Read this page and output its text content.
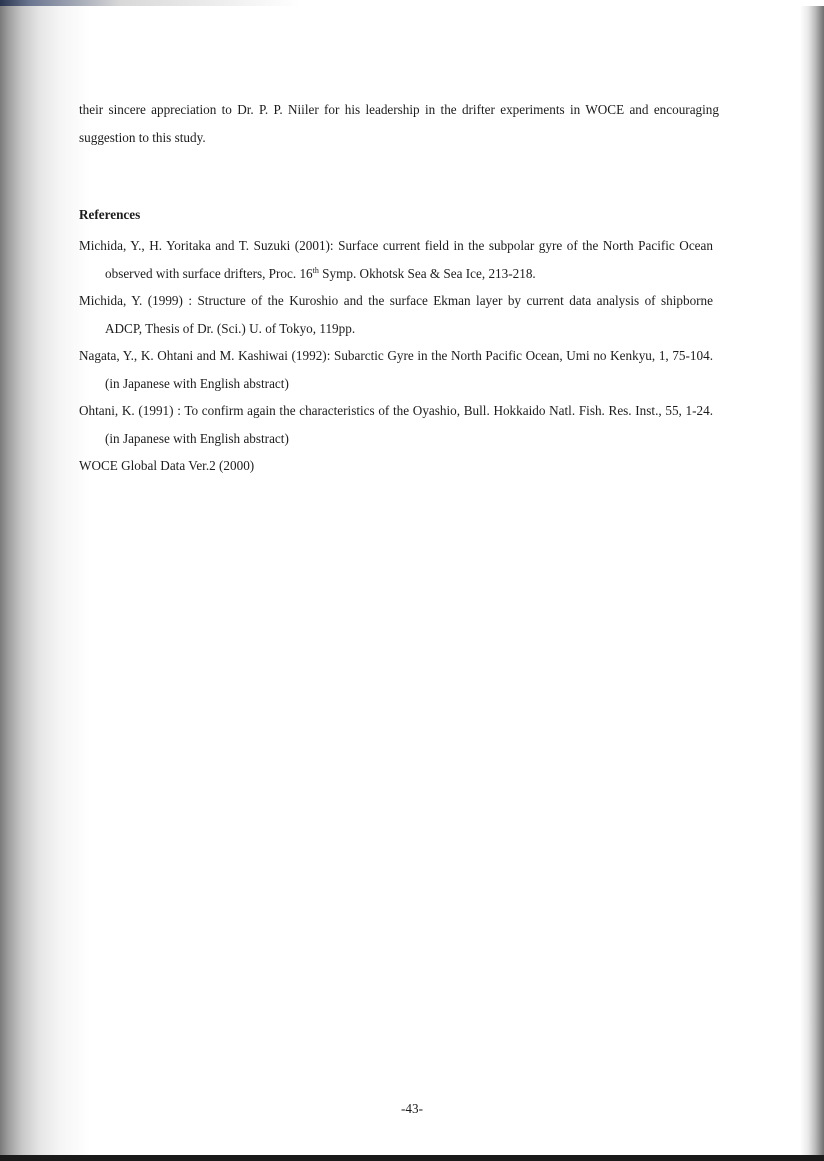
their sincere appreciation to Dr. P. P. Niiler for his leadership in the drifter experiments in WOCE and encouraging suggestion to this study.

References

Michida, Y., H. Yoritaka and T. Suzuki (2001): Surface current field in the subpolar gyre of the North Pacific Ocean observed with surface drifters, Proc. 16th Symp. Okhotsk Sea & Sea Ice, 213-218.

Michida, Y. (1999) : Structure of the Kuroshio and the surface Ekman layer by current data analysis of shipborne ADCP, Thesis of Dr. (Sci.) U. of Tokyo, 119pp.

Nagata, Y., K. Ohtani and M. Kashiwai (1992): Subarctic Gyre in the North Pacific Ocean, Umi no Kenkyu, 1, 75-104. (in Japanese with English abstract)

Ohtani, K. (1991) : To confirm again the characteristics of the Oyashio, Bull. Hokkaido Natl. Fish. Res. Inst., 55, 1-24. (in Japanese with English abstract)

WOCE Global Data Ver.2 (2000)

-43-
